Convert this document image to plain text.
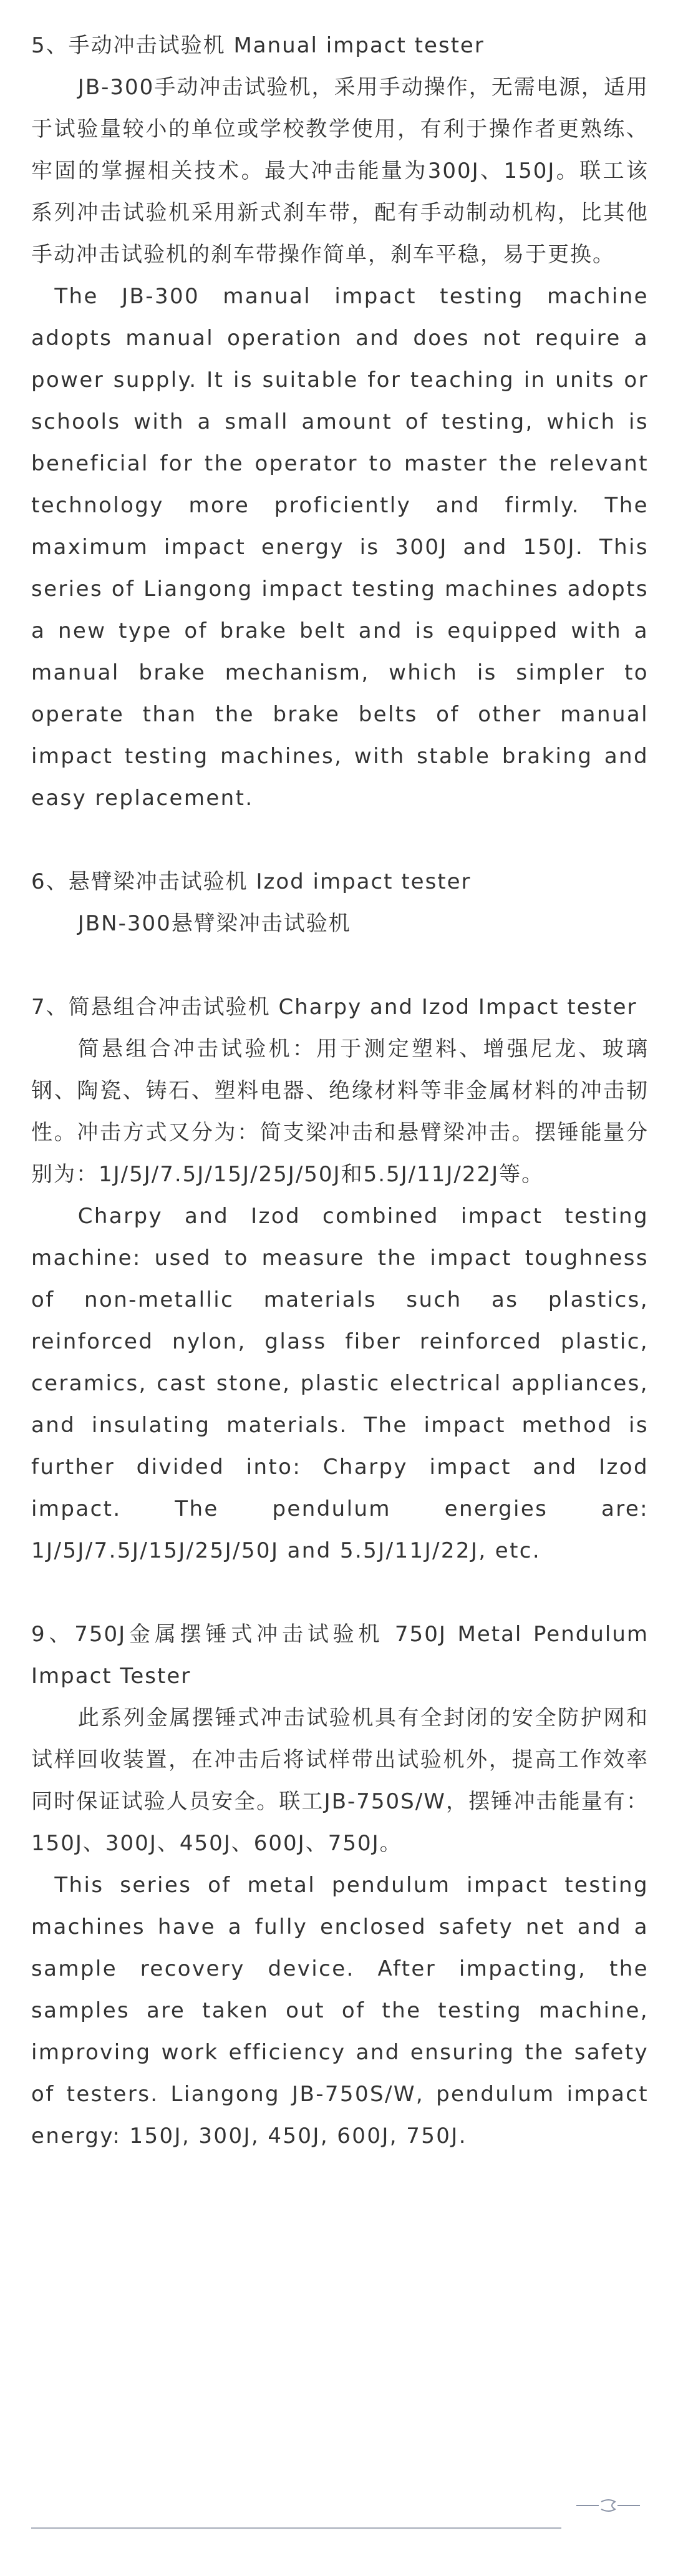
5、手动冲击试验机 Manual impact tester

JB-300手动冲击试验机，采用手动操作，无需电源，适用于试验量较小的单位或学校教学使用，有利于操作者更熟练、牢固的掌握相关技术。最大冲击能量为300J、150J。联工该系列冲击试验机采用新式刹车带，配有手动制动机构，比其他手动冲击试验机的刹车带操作简单，刹车平稳，易于更换。

The JB-300 manual impact testing machine adopts manual operation and does not require a power supply. It is suitable for teaching in units or schools with a small amount of testing, which is beneficial for the operator to master the relevant technology more proficiently and firmly. The maximum impact energy is 300J and 150J. This series of Liangong impact testing machines adopts a new type of brake belt and is equipped with a manual brake mechanism, which is simpler to operate than the brake belts of other manual impact testing machines, with stable braking and easy replacement.

6、悬臂梁冲击试验机 Izod impact tester

JBN-300悬臂梁冲击试验机

7、简悬组合冲击试验机 Charpy and Izod Impact tester

简悬组合冲击试验机：用于测定塑料、增强尼龙、玻璃钢、陶瓷、铸石、塑料电器、绝缘材料等非金属材料的冲击韧性。冲击方式又分为：简支梁冲击和悬臂梁冲击。摆锤能量分别为：1J/5J/7.5J/15J/25J/50J和5.5J/11J/22J等。

Charpy and Izod combined impact testing machine: used to measure the impact toughness of non-metallic materials such as plastics, reinforced nylon, glass fiber reinforced plastic, ceramics, cast stone, plastic electrical appliances, and insulating materials. The impact method is further divided into: Charpy impact and Izod impact. The pendulum energies are: 1J/5J/7.5J/15J/25J/50J and 5.5J/11J/22J, etc.

9、750J金属摆锤式冲击试验机 750J Metal Pendulum Impact Tester

此系列金属摆锤式冲击试验机具有全封闭的安全防护网和试样回收装置，在冲击后将试样带出试验机外，提高工作效率同时保证试验人员安全。联工JB-750S/W，摆锤冲击能量有：150J、300J、450J、600J、750J。

This series of metal pendulum impact testing machines have a fully enclosed safety net and a sample recovery device. After impacting, the samples are taken out of the testing machine, improving work efficiency and ensuring the safety of testers. Liangong JB-750S/W, pendulum impact energy: 150J, 300J, 450J, 600J, 750J.
